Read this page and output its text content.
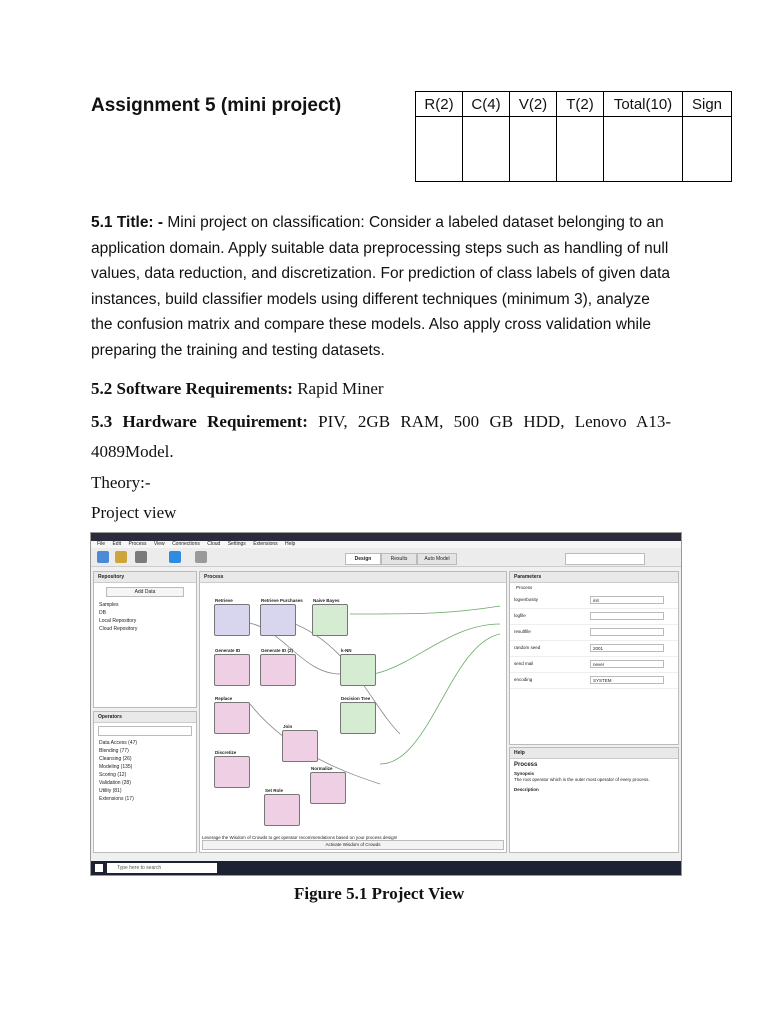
Assignment 5 (mini project)	R(2)	C(4)	V(2)	T(2)	Total(10)	Sign

5.1 Title: - Mini project on classification: Consider a labeled dataset belonging to an application domain. Apply suitable data preprocessing steps such as handling of null values, data reduction, and discretization. For prediction of class labels of given data instances, build classifier models using different techniques (minimum 3), analyze the confusion matrix and compare these models. Also apply cross validation while preparing the training and testing datasets.
5.2 Software Requirements: Rapid Miner
5.3 Hardware Requirement: PIV, 2GB RAM, 500 GB HDD, Lenovo A13-4089Model.
Theory:-
Project view
File Edit Process View Connections Cloud Settings Extensions Help
Design	Results	Auto Model
Repository
Add Data
Samples
DB
Local Repository
Cloud Repository
Operators
Data Access (47)
Blending (77)
Cleansing (26)
Modeling (135)
Scoring (12)
Validation (28)
Utility (81)
Extensions (17)
Process
Retrieve	Retrieve Purchases	Naive Bayes
Generate ID	Generate ID (2)	k-NN
Replace	Decision Tree
Join
Discretize
Normalize
Set Role
Leverage the Wisdom of Crowds to get operator recommendations based on your process design!
Activate Wisdom of Crowds
Parameters
Process
logverbosity	init
logfile
resultfile
random seed	2001
send mail	never
encoding	SYSTEM
Help
Process
Synopsis
The root operator which is the outer most operator of every process.
Description
Type here to search
Figure 5.1 Project View
